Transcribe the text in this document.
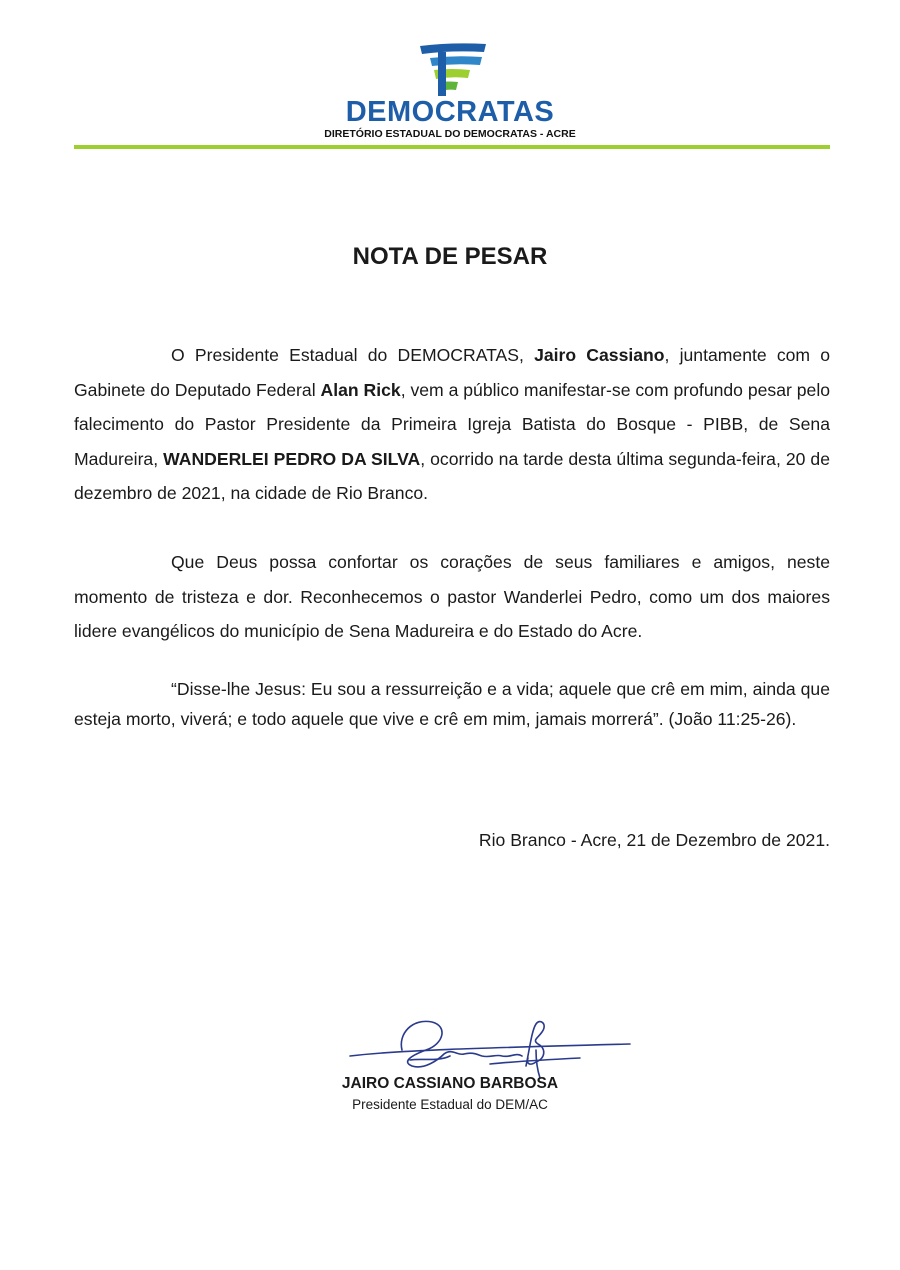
DEMOCRATAS
DIRETÓRIO ESTADUAL DO DEMOCRATAS - ACRE
NOTA DE PESAR
O Presidente Estadual do DEMOCRATAS, Jairo Cassiano, juntamente com o Gabinete do Deputado Federal Alan Rick, vem a público manifestar-se com profundo pesar pelo falecimento do Pastor Presidente da Primeira Igreja Batista do Bosque - PIBB, de Sena Madureira, WANDERLEI PEDRO DA SILVA, ocorrido na tarde desta última segunda-feira, 20 de dezembro de 2021, na cidade de Rio Branco.
Que Deus possa confortar os corações de seus familiares e amigos, neste momento de tristeza e dor. Reconhecemos o pastor Wanderlei Pedro, como um dos maiores lidere evangélicos do município de Sena Madureira e do Estado do Acre.
“Disse-lhe Jesus: Eu sou a ressurreição e a vida; aquele que crê em mim, ainda que esteja morto, viverá; e todo aquele que vive e crê em mim, jamais morrerá”. (João 11:25-26).
Rio Branco - Acre, 21 de Dezembro de 2021.
JAIRO CASSIANO BARBOSA
Presidente Estadual do DEM/AC
